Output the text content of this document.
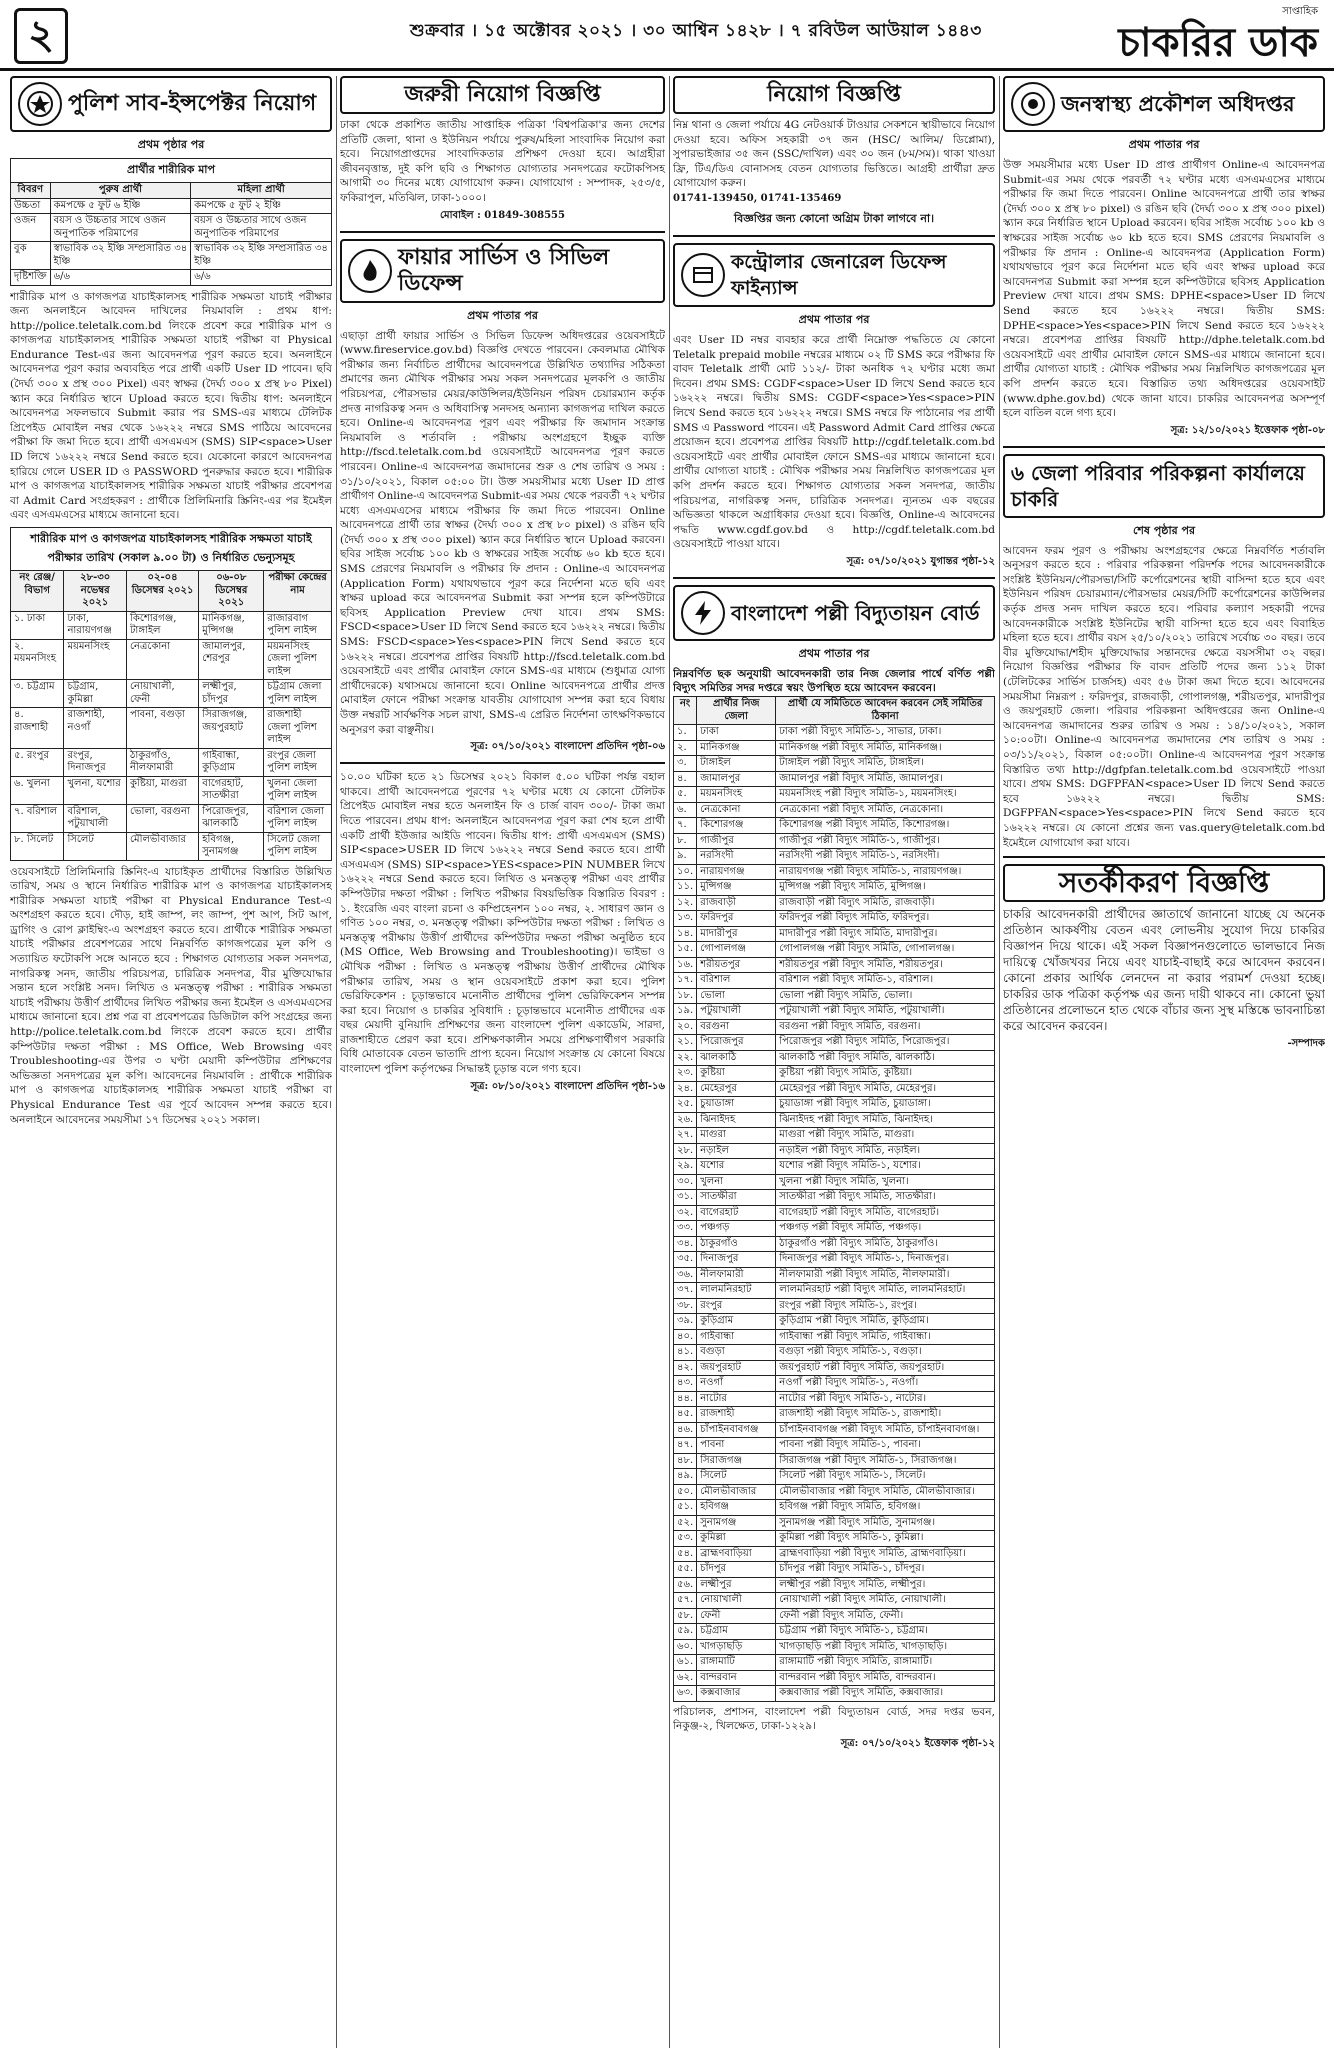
২	শুক্রবার । ১৫ অক্টোবর ২০২১ । ৩০ আশ্বিন ১৪২৮ । ৭ রবিউল আউয়াল ১৪৪৩
সাপ্তাহিক
চাকরির ডাক
পুলিশ সাব-ইন্সপেক্টর নিয়োগ
প্রথম পৃষ্ঠার পর
প্রার্থীর শারীরিক মাপ
বিবরণ	পুরুষ প্রার্থী	মহিলা প্রার্থী
উচ্চতা	কমপক্ষে ৫ ফুট ৬ ইঞ্চি	কমপক্ষে ৫ ফুট ২ ইঞ্চি
ওজন	বয়স ও উচ্চতার সাথে ওজন অনুপাতিক পরিমাপের	বয়স ও উচ্চতার সাথে ওজন অনুপাতিক পরিমাপের
বুক	স্বাভাবিক ৩২ ইঞ্চি সম্প্রসারিত ৩৪ ইঞ্চি	স্বাভাবিক ৩২ ইঞ্চি সম্প্রসারিত ৩৪ ইঞ্চি
দৃষ্টিশক্তি	৬/৬	৬/৬

শারীরিক মাপ ও কাগজপত্র যাচাইকালসহ শারীরিক সক্ষমতা যাচাই পরীক্ষার জন্য অনলাইনে আবেদন দাখিলের নিয়মাবলি : প্রথম ধাপ: http://police.teletalk.com.bd লিংকে প্রবেশ করে শারীরিক মাপ ও কাগজপত্র যাচাইকালসহ শারীরিক সক্ষমতা যাচাই পরীক্ষা বা Physical Endurance Test-এর জন্য আবেদনপত্র পূরণ করতে হবে। অনলাইনে আবেদনপত্র পূরণ করার অব্যবহিত পরে প্রার্থী একটি User ID পাবেন। ছবি (দৈর্ঘ্য ৩০০ x প্রস্থ ৩০০ Pixel) এবং স্বাক্ষর (দৈর্ঘ্য ৩০০ x প্রস্থ ৮০ Pixel) স্ক্যান করে নির্ধারিত স্থানে Upload করতে হবে। দ্বিতীয় ধাপ: অনলাইনে আবেদনপত্র সফলভাবে Submit করার পর SMS-এর মাধ্যমে টেলিটক প্রিপেইড মোবাইল নম্বর থেকে ১৬২২২ নম্বরে SMS পাঠিয়ে আবেদনের পরীক্ষা ফি জমা দিতে হবে। প্রার্থী এসএমএস (SMS) SIP<space>User ID লিখে ১৬২২২ নম্বরে Send করতে হবে। যেকোনো কারণে আবেদনপত্র হারিয়ে গেলে USER ID ও PASSWORD পুনরুদ্ধার করতে হবে। শারীরিক মাপ ও কাগজপত্র যাচাইকালসহ শারীরিক সক্ষমতা যাচাই পরীক্ষার প্রবেশপত্র বা Admit Card সংগ্রহকরণ : প্রার্থীকে প্রিলিমিনারি স্ক্রিনিং-এর পর ইমেইল এবং এসএমএসের মাধ্যমে জানানো হবে।

শারীরিক মাপ ও কাগজপত্র যাচাইকালসহ শারীরিক সক্ষমতা যাচাই পরীক্ষার তারিখ (সকাল ৯.০০ টা) ও নির্ধারিত ভেন্যুসমূহ
নং রেঞ্জ/বিভাগ	২৮-৩০ নভেম্বর ২০২১	০২-০৪ ডিসেম্বর ২০২১	০৬-০৮ ডিসেম্বর ২০২১	পরীক্ষা কেন্দ্রের নাম
১. ঢাকা	ঢাকা, নারায়ণগঞ্জ	কিশোরগঞ্জ, টাঙ্গাইল	মানিকগঞ্জ, মুন্সিগঞ্জ	রাজারবাগ পুলিশ লাইন্স
২. ময়মনসিংহ	ময়মনসিংহ	নেত্রকোনা	জামালপুর, শেরপুর	ময়মনসিংহ জেলা পুলিশ লাইন্স
৩. চট্টগ্রাম	চট্টগ্রাম, কুমিল্লা	নোয়াখালী, ফেনী	লক্ষ্মীপুর, চাঁদপুর	চট্টগ্রাম জেলা পুলিশ লাইন্স
৪. রাজশাহী	রাজশাহী, নওগাঁ	পাবনা, বগুড়া	সিরাজগঞ্জ, জয়পুরহাট	রাজশাহী জেলা পুলিশ লাইন্স
৫. রংপুর	রংপুর, দিনাজপুর	ঠাকুরগাঁও, নীলফামারী	গাইবান্ধা, কুড়িগ্রাম	রংপুর জেলা পুলিশ লাইন্স
৬. খুলনা	খুলনা, যশোর	কুষ্টিয়া, মাগুরা	বাগেরহাট, সাতক্ষীরা	খুলনা জেলা পুলিশ লাইন্স
৭. বরিশাল	বরিশাল, পটুয়াখালী	ভোলা, বরগুনা	পিরোজপুর, ঝালকাঠি	বরিশাল জেলা পুলিশ লাইন্স
৮. সিলেট	সিলেট	মৌলভীবাজার	হবিগঞ্জ, সুনামগঞ্জ	সিলেট জেলা পুলিশ লাইন্স

ওয়েবসাইটে প্রিলিমিনারি স্ক্রিনিং-এ যাচাইকৃত প্রার্থীদের বিস্তারিত উল্লিখিত তারিখ, সময় ও স্থানে নির্ধারিত শারীরিক মাপ ও কাগজপত্র যাচাইকালসহ শারীরিক সক্ষমতা যাচাই পরীক্ষা বা Physical Endurance Test-এ অংশগ্রহণ করতে হবে। দৌড়, হাই জাম্প, লং জাম্প, পুশ আপ, সিট আপ, ড্রাগিং ও রোপ ক্লাইম্বিং-এ অংশগ্রহণ করতে হবে। প্রার্থীকে শারীরিক সক্ষমতা যাচাই পরীক্ষার প্রবেশপত্রের সাথে নিম্নবর্ণিত কাগজপত্রের মূল কপি ও সত্যায়িত ফটোকপি সঙ্গে আনতে হবে : শিক্ষাগত যোগ্যতার সকল সনদপত্র, নাগরিকত্ব সনদ, জাতীয় পরিচয়পত্র, চারিত্রিক সনদপত্র, বীর মুক্তিযোদ্ধার সন্তান হলে সংশ্লিষ্ট সনদ। লিখিত ও মনস্তত্ত্ব পরীক্ষা : শারীরিক সক্ষমতা যাচাই পরীক্ষায় উত্তীর্ণ প্রার্থীদের লিখিত পরীক্ষার জন্য ইমেইল ও এসএমএসের মাধ্যমে জানানো হবে। প্রশ্ন পত্র বা প্রবেশপত্রের ডিজিটাল কপি সংগ্রহের জন্য http://police.teletalk.com.bd লিংকে প্রবেশ করতে হবে। প্রার্থীর কম্পিউটার দক্ষতা পরীক্ষা : MS Office, Web Browsing এবং Troubleshooting-এর উপর ৩ ঘণ্টা মেয়াদী কম্পিউটার প্রশিক্ষণের অভিজ্ঞতা সনদপত্রের মূল কপি। আবেদনের নিয়মাবলি : প্রার্থীকে শারীরিক মাপ ও কাগজপত্র যাচাইকালসহ শারীরিক সক্ষমতা যাচাই পরীক্ষা বা Physical Endurance Test এর পূর্বে আবেদন সম্পন্ন করতে হবে। অনলাইনে আবেদনের সময়সীমা ১৭ ডিসেম্বর ২০২১ সকাল।

জরুরী নিয়োগ বিজ্ঞপ্তি

ঢাকা থেকে প্রকাশিত জাতীয় সাপ্তাহিক পত্রিকা 'বিশ্বপত্রিকা'র জন্য দেশের প্রতিটি জেলা, থানা ও ইউনিয়ন পর্যায়ে পুরুষ/মহিলা সাংবাদিক নিয়োগ করা হবে। নিয়োগপ্রাপ্তদের সাংবাদিকতার প্রশিক্ষণ দেওয়া হবে। আগ্রহীরা জীবনবৃত্তান্ত, দুই কপি ছবি ও শিক্ষাগত যোগ্যতার সনদপত্রের ফটোকপিসহ আগামী ৩০ দিনের মধ্যে যোগাযোগ করুন। যোগাযোগ : সম্পাদক, ২৫৩/৫, ফকিরাপুল, মতিঝিল, ঢাকা-১০০০।

মোবাইল : 01849-308555
ফায়ার সার্ভিস ও সিভিল ডিফেন্স
প্রথম পাতার পর

এছাড়া প্রার্থী ফায়ার সার্ভিস ও সিভিল ডিফেন্স অধিদপ্তরের ওয়েবসাইটে (www.fireservice.gov.bd) বিজ্ঞপ্তি দেখতে পারবেন। কেবলমাত্র মৌখিক পরীক্ষার জন্য নির্বাচিত প্রার্থীদের আবেদনপত্রে উল্লিখিত তথ্যাদির সঠিকতা প্রমাণের জন্য মৌখিক পরীক্ষার সময় সকল সনদপত্রের মূলকপি ও জাতীয় পরিচয়পত্র, পৌরসভার মেয়র/কাউন্সিলর/ইউনিয়ন পরিষদ চেয়ারম্যান কর্তৃক প্রদত্ত নাগরিকত্ব সনদ ও অধিবাসিত্ব সনদসহ অন্যান্য কাগজপত্র দাখিল করতে হবে। Online-এ আবেদনপত্র পূরণ এবং পরীক্ষার ফি জমাদান সংক্রান্ত নিয়মাবলি ও শর্তাবলি : পরীক্ষায় অংশগ্রহণে ইচ্ছুক ব্যক্তি http://fscd.teletalk.com.bd ওয়েবসাইটে আবেদনপত্র পূরণ করতে পারবেন। Online-এ আবেদনপত্র জমাদানের শুরু ও শেষ তারিখ ও সময় : ৩১/১০/২০২১, বিকাল ০৫:০০ টা। উক্ত সময়সীমার মধ্যে User ID প্রাপ্ত প্রার্থীগণ Online-এ আবেদনপত্র Submit-এর সময় থেকে পরবর্তী ৭২ ঘণ্টার মধ্যে এসএমএসের মাধ্যমে পরীক্ষার ফি জমা দিতে পারবেন। Online আবেদনপত্রে প্রার্থী তার স্বাক্ষর (দৈর্ঘ্য ৩০০ x প্রস্থ ৮০ pixel) ও রঙিন ছবি (দৈর্ঘ্য ৩০০ x প্রস্থ ৩০০ pixel) স্ক্যান করে নির্ধারিত স্থানে Upload করবেন। ছবির সাইজ সর্বোচ্চ ১০০ kb ও স্বাক্ষরের সাইজ সর্বোচ্চ ৬০ kb হতে হবে। SMS প্রেরণের নিয়মাবলি ও পরীক্ষার ফি প্রদান : Online-এ আবেদনপত্র (Application Form) যথাযথভাবে পূরণ করে নির্দেশনা মতে ছবি এবং স্বাক্ষর upload করে আবেদনপত্র Submit করা সম্পন্ন হলে কম্পিউটারে ছবিসহ Application Preview দেখা যাবে। প্রথম SMS: FSCD<space>User ID লিখে Send করতে হবে ১৬২২২ নম্বরে। দ্বিতীয় SMS: FSCD<space>Yes<space>PIN লিখে Send করতে হবে ১৬২২২ নম্বরে। প্রবেশপত্র প্রাপ্তির বিষয়টি http://fscd.teletalk.com.bd ওয়েবসাইটে এবং প্রার্থীর মোবাইল ফোনে SMS-এর মাধ্যমে (শুধুমাত্র যোগ্য প্রার্থীদেরকে) যথাসময়ে জানানো হবে। Online আবেদনপত্রে প্রার্থীর প্রদত্ত মোবাইল ফোনে পরীক্ষা সংক্রান্ত যাবতীয় যোগাযোগ সম্পন্ন করা হবে বিধায় উক্ত নম্বরটি সার্বক্ষণিক সচল রাখা, SMS-এ প্রেরিত নির্দেশনা তাৎক্ষণিকভাবে অনুসরণ করা বাঞ্ছনীয়।

সূত্র: ০৭/১০/২০২১ বাংলাদেশ প্রতিদিন পৃষ্ঠা-০৬

১০.০০ ঘটিকা হতে ২১ ডিসেম্বর ২০২১ বিকাল ৫.০০ ঘটিকা পর্যন্ত বহাল থাকবে। প্রার্থী আবেদনপত্রে পূরণের ৭২ ঘণ্টার মধ্যে যে কোনো টেলিটক প্রিপেইড মোবাইল নম্বর হতে অনলাইন ফি ও চার্জ বাবদ ৩০০/- টাকা জমা দিতে পারবেন। প্রথম ধাপ: অনলাইনে আবেদনপত্র পূরণ করা শেষ হলে প্রার্থী একটি প্রার্থী ইউজার আইডি পাবেন। দ্বিতীয় ধাপ: প্রার্থী এসএমএস (SMS) SIP<space>USER ID লিখে ১৬২২২ নম্বরে Send করতে হবে। প্রার্থী এসএমএস (SMS) SIP<space>YES<space>PIN NUMBER লিখে ১৬২২২ নম্বরে Send করতে হবে। লিখিত ও মনস্তত্ত্ব পরীক্ষা এবং প্রার্থীর কম্পিউটার দক্ষতা পরীক্ষা : লিখিত পরীক্ষার বিষয়ভিত্তিক বিস্তারিত বিবরণ : ১. ইংরেজি এবং বাংলা রচনা ও কম্প্রিহেনশন ১০০ নম্বর, ২. সাধারণ জ্ঞান ও গণিত ১০০ নম্বর, ৩. মনস্তত্ত্ব পরীক্ষা। কম্পিউটার দক্ষতা পরীক্ষা : লিখিত ও মনস্তত্ত্ব পরীক্ষায় উত্তীর্ণ প্রার্থীদের কম্পিউটার দক্ষতা পরীক্ষা অনুষ্ঠিত হবে (MS Office, Web Browsing and Troubleshooting)। ভাইভা ও মৌখিক পরীক্ষা : লিখিত ও মনস্তত্ত্ব পরীক্ষায় উত্তীর্ণ প্রার্থীদের মৌখিক পরীক্ষার তারিখ, সময় ও স্থান ওয়েবসাইটে প্রকাশ করা হবে। পুলিশ ভেরিফিকেশন : চূড়ান্তভাবে মনোনীত প্রার্থীদের পুলিশ ভেরিফিকেশন সম্পন্ন করা হবে। নিয়োগ ও চাকরির সুবিধাদি : চূড়ান্তভাবে মনোনীত প্রার্থীদের এক বছর মেয়াদী বুনিয়াদি প্রশিক্ষণের জন্য বাংলাদেশ পুলিশ একাডেমি, সারদা, রাজশাহীতে প্রেরণ করা হবে। প্রশিক্ষণকালীন সময়ে প্রশিক্ষণার্থীগণ সরকারি বিধি মোতাবেক বেতন ভাতাদি প্রাপ্য হবেন। নিয়োগ সংক্রান্ত যে কোনো বিষয়ে বাংলাদেশ পুলিশ কর্তৃপক্ষের সিদ্ধান্তই চূড়ান্ত বলে গণ্য হবে।

সূত্র: ০৮/১০/২০২১ বাংলাদেশ প্রতিদিন পৃষ্ঠা-১৬
নিয়োগ বিজ্ঞপ্তি

নিম্ন থানা ও জেলা পর্যায়ে 4G নেটওয়ার্ক টাওয়ার সেকশনে স্থায়ীভাবে নিয়োগ দেওয়া হবে। অফিস সহকারী ৩৭ জন (HSC/ আলিম/ ডিপ্লোমা), সুপারভাইজার ৩৫ জন (SSC/দাখিল) এবং ৩০ জন (৮ম/সম)। থাকা খাওয়া ফ্রি, টিএ/ডিএ বোনাসসহ বেতন যোগ্যতার ভিত্তিতে। আগ্রহী প্রার্থীরা দ্রুত যোগাযোগ করুন।

01741-139450, 01741-135469
বিজ্ঞপ্তির জন্য কোনো অগ্রিম টাকা লাগবে না।
কন্ট্রোলার জেনারেল ডিফেন্স ফাইন্যান্স
প্রথম পাতার পর

এবং User ID নম্বর ব্যবহার করে প্রার্থী নিম্নোক্ত পদ্ধতিতে যে কোনো Teletalk prepaid mobile নম্বরের মাধ্যমে ০২ টি SMS করে পরীক্ষার ফি বাবদ Teletalk প্রার্থী মোট ১১২/- টাকা অনধিক ৭২ ঘণ্টার মধ্যে জমা দিবেন। প্রথম SMS: CGDF<space>User ID লিখে Send করতে হবে ১৬২২২ নম্বরে। দ্বিতীয় SMS: CGDF<space>Yes<space>PIN লিখে Send করতে হবে ১৬২২২ নম্বরে। SMS নম্বরে ফি পাঠানোর পর প্রার্থী SMS এ Password পাবেন। এই Password Admit Card প্রাপ্তির ক্ষেত্রে প্রয়োজন হবে। প্রবেশপত্র প্রাপ্তির বিষয়টি http://cgdf.teletalk.com.bd ওয়েবসাইটে এবং প্রার্থীর মোবাইল ফোনে SMS-এর মাধ্যমে জানানো হবে। প্রার্থীর যোগ্যতা যাচাই : মৌখিক পরীক্ষার সময় নিম্নলিখিত কাগজপত্রের মূল কপি প্রদর্শন করতে হবে। শিক্ষাগত যোগ্যতার সকল সনদপত্র, জাতীয় পরিচয়পত্র, নাগরিকত্ব সনদ, চারিত্রিক সনদপত্র। ন্যূনতম এক বছরের অভিজ্ঞতা থাকলে অগ্রাধিকার দেওয়া হবে। বিজ্ঞপ্তি, Online-এ আবেদনের পদ্ধতি www.cgdf.gov.bd ও http://cgdf.teletalk.com.bd ওয়েবসাইটে পাওয়া যাবে।

সূত্র: ০৭/১০/২০২১ যুগান্তর পৃষ্ঠা-১২
বাংলাদেশ পল্লী বিদ্যুতায়ন বোর্ড
প্রথম পাতার পর

নিম্নবর্ণিত ছক অনুযায়ী আবেদনকারী তার নিজ জেলার পার্শ্বে বর্ণিত পল্লী বিদ্যুৎ সমিতির সদর দপ্তরে স্বয়ং উপস্থিত হয়ে আবেদন করবেন।

নং	প্রার্থীর নিজ জেলা	প্রার্থী যে সমিতিতে আবেদন করবেন সেই সমিতির ঠিকানা
১.	ঢাকা	ঢাকা পল্লী বিদ্যুৎ সমিতি-১, সাভার, ঢাকা।
২.	মানিকগঞ্জ	মানিকগঞ্জ পল্লী বিদ্যুৎ সমিতি, মানিকগঞ্জ।
৩.	টাঙ্গাইল	টাঙ্গাইল পল্লী বিদ্যুৎ সমিতি, টাঙ্গাইল।
৪.	জামালপুর	জামালপুর পল্লী বিদ্যুৎ সমিতি, জামালপুর।
৫.	ময়মনসিংহ	ময়মনসিংহ পল্লী বিদ্যুৎ সমিতি-১, ময়মনসিংহ।
৬.	নেত্রকোনা	নেত্রকোনা পল্লী বিদ্যুৎ সমিতি, নেত্রকোনা।
৭.	কিশোরগঞ্জ	কিশোরগঞ্জ পল্লী বিদ্যুৎ সমিতি, কিশোরগঞ্জ।
৮.	গাজীপুর	গাজীপুর পল্লী বিদ্যুৎ সমিতি-১, গাজীপুর।
৯.	নরসিংদী	নরসিংদী পল্লী বিদ্যুৎ সমিতি-১, নরসিংদী।
১০.	নারায়ণগঞ্জ	নারায়ণগঞ্জ পল্লী বিদ্যুৎ সমিতি-১, নারায়ণগঞ্জ।
১১.	মুন্সিগঞ্জ	মুন্সিগঞ্জ পল্লী বিদ্যুৎ সমিতি, মুন্সিগঞ্জ।
১২.	রাজবাড়ী	রাজবাড়ী পল্লী বিদ্যুৎ সমিতি, রাজবাড়ী।
১৩.	ফরিদপুর	ফরিদপুর পল্লী বিদ্যুৎ সমিতি, ফরিদপুর।
১৪.	মাদারীপুর	মাদারীপুর পল্লী বিদ্যুৎ সমিতি, মাদারীপুর।
১৫.	গোপালগঞ্জ	গোপালগঞ্জ পল্লী বিদ্যুৎ সমিতি, গোপালগঞ্জ।
১৬.	শরীয়তপুর	শরীয়তপুর পল্লী বিদ্যুৎ সমিতি, শরীয়তপুর।
১৭.	বরিশাল	বরিশাল পল্লী বিদ্যুৎ সমিতি-১, বরিশাল।
১৮.	ভোলা	ভোলা পল্লী বিদ্যুৎ সমিতি, ভোলা।
১৯.	পটুয়াখালী	পটুয়াখালী পল্লী বিদ্যুৎ সমিতি, পটুয়াখালী।
২০.	বরগুনা	বরগুনা পল্লী বিদ্যুৎ সমিতি, বরগুনা।
২১.	পিরোজপুর	পিরোজপুর পল্লী বিদ্যুৎ সমিতি, পিরোজপুর।
২২.	ঝালকাঠি	ঝালকাঠি পল্লী বিদ্যুৎ সমিতি, ঝালকাঠি।
২৩.	কুষ্টিয়া	কুষ্টিয়া পল্লী বিদ্যুৎ সমিতি, কুষ্টিয়া।
২৪.	মেহেরপুর	মেহেরপুর পল্লী বিদ্যুৎ সমিতি, মেহেরপুর।
২৫.	চুয়াডাঙ্গা	চুয়াডাঙ্গা পল্লী বিদ্যুৎ সমিতি, চুয়াডাঙ্গা।
২৬.	ঝিনাইদহ	ঝিনাইদহ পল্লী বিদ্যুৎ সমিতি, ঝিনাইদহ।
২৭.	মাগুরা	মাগুরা পল্লী বিদ্যুৎ সমিতি, মাগুরা।
২৮.	নড়াইল	নড়াইল পল্লী বিদ্যুৎ সমিতি, নড়াইল।
২৯.	যশোর	যশোর পল্লী বিদ্যুৎ সমিতি-১, যশোর।
৩০.	খুলনা	খুলনা পল্লী বিদ্যুৎ সমিতি, খুলনা।
৩১.	সাতক্ষীরা	সাতক্ষীরা পল্লী বিদ্যুৎ সমিতি, সাতক্ষীরা।
৩২.	বাগেরহাট	বাগেরহাট পল্লী বিদ্যুৎ সমিতি, বাগেরহাট।
৩৩.	পঞ্চগড়	পঞ্চগড় পল্লী বিদ্যুৎ সমিতি, পঞ্চগড়।
৩৪.	ঠাকুরগাঁও	ঠাকুরগাঁও পল্লী বিদ্যুৎ সমিতি, ঠাকুরগাঁও।
৩৫.	দিনাজপুর	দিনাজপুর পল্লী বিদ্যুৎ সমিতি-১, দিনাজপুর।
৩৬.	নীলফামারী	নীলফামারী পল্লী বিদ্যুৎ সমিতি, নীলফামারী।
৩৭.	লালমনিরহাট	লালমনিরহাট পল্লী বিদ্যুৎ সমিতি, লালমনিরহাট।
৩৮.	রংপুর	রংপুর পল্লী বিদ্যুৎ সমিতি-১, রংপুর।
৩৯.	কুড়িগ্রাম	কুড়িগ্রাম পল্লী বিদ্যুৎ সমিতি, কুড়িগ্রাম।
৪০.	গাইবান্ধা	গাইবান্ধা পল্লী বিদ্যুৎ সমিতি, গাইবান্ধা।
৪১.	বগুড়া	বগুড়া পল্লী বিদ্যুৎ সমিতি-১, বগুড়া।
৪২.	জয়পুরহাট	জয়পুরহাট পল্লী বিদ্যুৎ সমিতি, জয়পুরহাট।
৪৩.	নওগাঁ	নওগাঁ পল্লী বিদ্যুৎ সমিতি-১, নওগাঁ।
৪৪.	নাটোর	নাটোর পল্লী বিদ্যুৎ সমিতি-১, নাটোর।
৪৫.	রাজশাহী	রাজশাহী পল্লী বিদ্যুৎ সমিতি-১, রাজশাহী।
৪৬.	চাঁপাইনবাবগঞ্জ	চাঁপাইনবাবগঞ্জ পল্লী বিদ্যুৎ সমিতি, চাঁপাইনবাবগঞ্জ।
৪৭.	পাবনা	পাবনা পল্লী বিদ্যুৎ সমিতি-১, পাবনা।
৪৮.	সিরাজগঞ্জ	সিরাজগঞ্জ পল্লী বিদ্যুৎ সমিতি-১, সিরাজগঞ্জ।
৪৯.	সিলেট	সিলেট পল্লী বিদ্যুৎ সমিতি-১, সিলেট।
৫০.	মৌলভীবাজার	মৌলভীবাজার পল্লী বিদ্যুৎ সমিতি, মৌলভীবাজার।
৫১.	হবিগঞ্জ	হবিগঞ্জ পল্লী বিদ্যুৎ সমিতি, হবিগঞ্জ।
৫২.	সুনামগঞ্জ	সুনামগঞ্জ পল্লী বিদ্যুৎ সমিতি, সুনামগঞ্জ।
৫৩.	কুমিল্লা	কুমিল্লা পল্লী বিদ্যুৎ সমিতি-১, কুমিল্লা।
৫৪.	ব্রাহ্মণবাড়িয়া	ব্রাহ্মণবাড়িয়া পল্লী বিদ্যুৎ সমিতি, ব্রাহ্মণবাড়িয়া।
৫৫.	চাঁদপুর	চাঁদপুর পল্লী বিদ্যুৎ সমিতি-১, চাঁদপুর।
৫৬.	লক্ষ্মীপুর	লক্ষ্মীপুর পল্লী বিদ্যুৎ সমিতি, লক্ষ্মীপুর।
৫৭.	নোয়াখালী	নোয়াখালী পল্লী বিদ্যুৎ সমিতি, নোয়াখালী।
৫৮.	ফেনী	ফেনী পল্লী বিদ্যুৎ সমিতি, ফেনী।
৫৯.	চট্টগ্রাম	চট্টগ্রাম পল্লী বিদ্যুৎ সমিতি-১, চট্টগ্রাম।
৬০.	খাগড়াছড়ি	খাগড়াছড়ি পল্লী বিদ্যুৎ সমিতি, খাগড়াছড়ি।
৬১.	রাঙ্গামাটি	রাঙ্গামাটি পল্লী বিদ্যুৎ সমিতি, রাঙ্গামাটি।
৬২.	বান্দরবান	বান্দরবান পল্লী বিদ্যুৎ সমিতি, বান্দরবান।
৬৩.	কক্সবাজার	কক্সবাজার পল্লী বিদ্যুৎ সমিতি, কক্সবাজার।

পরিচালক, প্রশাসন, বাংলাদেশ পল্লী বিদ্যুতায়ন বোর্ড, সদর দপ্তর ভবন, নিকুঞ্জ-২, খিলক্ষেত, ঢাকা-১২২৯।

সূত্র: ০৭/১০/২০২১ ইত্তেফাক পৃষ্ঠা-১২
জনস্বাস্থ্য প্রকৌশল অধিদপ্তর
প্রথম পাতার পর

উক্ত সময়সীমার মধ্যে User ID প্রাপ্ত প্রার্থীগণ Online-এ আবেদনপত্র Submit-এর সময় থেকে পরবর্তী ৭২ ঘণ্টার মধ্যে এসএমএসের মাধ্যমে পরীক্ষার ফি জমা দিতে পারবেন। Online আবেদনপত্রে প্রার্থী তার স্বাক্ষর (দৈর্ঘ্য ৩০০ x প্রস্থ ৮০ pixel) ও রঙিন ছবি (দৈর্ঘ্য ৩০০ x প্রস্থ ৩০০ pixel) স্ক্যান করে নির্ধারিত স্থানে Upload করবেন। ছবির সাইজ সর্বোচ্চ ১০০ kb ও স্বাক্ষরের সাইজ সর্বোচ্চ ৬০ kb হতে হবে। SMS প্রেরণের নিয়মাবলি ও পরীক্ষার ফি প্রদান : Online-এ আবেদনপত্র (Application Form) যথাযথভাবে পূরণ করে নির্দেশনা মতে ছবি এবং স্বাক্ষর upload করে আবেদনপত্র Submit করা সম্পন্ন হলে কম্পিউটারে ছবিসহ Application Preview দেখা যাবে। প্রথম SMS: DPHE<space>User ID লিখে Send করতে হবে ১৬২২২ নম্বরে। দ্বিতীয় SMS: DPHE<space>Yes<space>PIN লিখে Send করতে হবে ১৬২২২ নম্বরে। প্রবেশপত্র প্রাপ্তির বিষয়টি http://dphe.teletalk.com.bd ওয়েবসাইটে এবং প্রার্থীর মোবাইল ফোনে SMS-এর মাধ্যমে জানানো হবে। প্রার্থীর যোগ্যতা যাচাই : মৌখিক পরীক্ষার সময় নিম্নলিখিত কাগজপত্রের মূল কপি প্রদর্শন করতে হবে। বিস্তারিত তথ্য অধিদপ্তরের ওয়েবসাইট (www.dphe.gov.bd) থেকে জানা যাবে। চাকরির আবেদনপত্র অসম্পূর্ণ হলে বাতিল বলে গণ্য হবে।

সূত্র: ১২/১০/২০২১ ইত্তেফাক পৃষ্ঠা-০৮
৬ জেলা পরিবার পরিকল্পনা কার্যালয়ে চাকরি
শেষ পৃষ্ঠার পর

আবেদন ফরম পূরণ ও পরীক্ষায় অংশগ্রহণের ক্ষেত্রে নিম্নবর্ণিত শর্তাবলি অনুসরণ করতে হবে : পরিবার পরিকল্পনা পরিদর্শক পদের আবেদনকারীকে সংশ্লিষ্ট ইউনিয়ন/পৌরসভা/সিটি কর্পোরেশনের স্থায়ী বাসিন্দা হতে হবে এবং ইউনিয়ন পরিষদ চেয়ারম্যান/পৌরসভার মেয়র/সিটি কর্পোরেশনের কাউন্সিলর কর্তৃক প্রদত্ত সনদ দাখিল করতে হবে। পরিবার কল্যাণ সহকারী পদের আবেদনকারীকে সংশ্লিষ্ট ইউনিটের স্থায়ী বাসিন্দা হতে হবে এবং বিবাহিত মহিলা হতে হবে। প্রার্থীর বয়স ২৫/১০/২০২১ তারিখে সর্বোচ্চ ৩০ বছর। তবে বীর মুক্তিযোদ্ধা/শহীদ মুক্তিযোদ্ধার সন্তানদের ক্ষেত্রে বয়সসীমা ৩২ বছর। নিয়োগ বিজ্ঞপ্তির পরীক্ষার ফি বাবদ প্রতিটি পদের জন্য ১১২ টাকা (টেলিটকের সার্ভিস চার্জসহ) এবং ৫৬ টাকা জমা দিতে হবে। আবেদনের সময়সীমা নিম্নরূপ : ফরিদপুর, রাজবাড়ী, গোপালগঞ্জ, শরীয়তপুর, মাদারীপুর ও জয়পুরহাট জেলা। পরিবার পরিকল্পনা অধিদপ্তরের জন্য Online-এ আবেদনপত্র জমাদানের শুরুর তারিখ ও সময় : ১৪/১০/২০২১, সকাল ১০:০০টা। Online-এ আবেদনপত্র জমাদানের শেষ তারিখ ও সময় : ০৩/১১/২০২১, বিকাল ০৫:০০টা। Online-এ আবেদনপত্র পূরণ সংক্রান্ত বিস্তারিত তথ্য http://dgfpfan.teletalk.com.bd ওয়েবসাইটে পাওয়া যাবে। প্রথম SMS: DGFPFAN<space>User ID লিখে Send করতে হবে ১৬২২২ নম্বরে। দ্বিতীয় SMS: DGFPFAN<space>Yes<space>PIN লিখে Send করতে হবে ১৬২২২ নম্বরে। যে কোনো প্রশ্নের জন্য vas.query@teletalk.com.bd ইমেইলে যোগাযোগ করা যাবে।

সতর্কীকরণ বিজ্ঞপ্তি

চাকরি আবেদনকারী প্রার্থীদের জ্ঞাতার্থে জানানো যাচ্ছে যে অনেক প্রতিষ্ঠান আকর্ষণীয় বেতন এবং লোভনীয় সুযোগ দিয়ে চাকরির বিজ্ঞাপন দিয়ে থাকে। এই সকল বিজ্ঞাপনগুলোতে ভালভাবে নিজ দায়িত্বে খোঁজখবর নিয়ে এবং যাচাই-বাছাই করে আবেদন করবেন। কোনো প্রকার আর্থিক লেনদেন না করার পরামর্শ দেওয়া হচ্ছে। চাকরির ডাক পত্রিকা কর্তৃপক্ষ এর জন্য দায়ী থাকবে না। কোনো ভুয়া প্রতিষ্ঠানের প্রলোভনে হাত থেকে বাঁচার জন্য সুস্থ মস্তিষ্কে ভাবনাচিন্তা করে আবেদন করবেন।

-সম্পাদক
